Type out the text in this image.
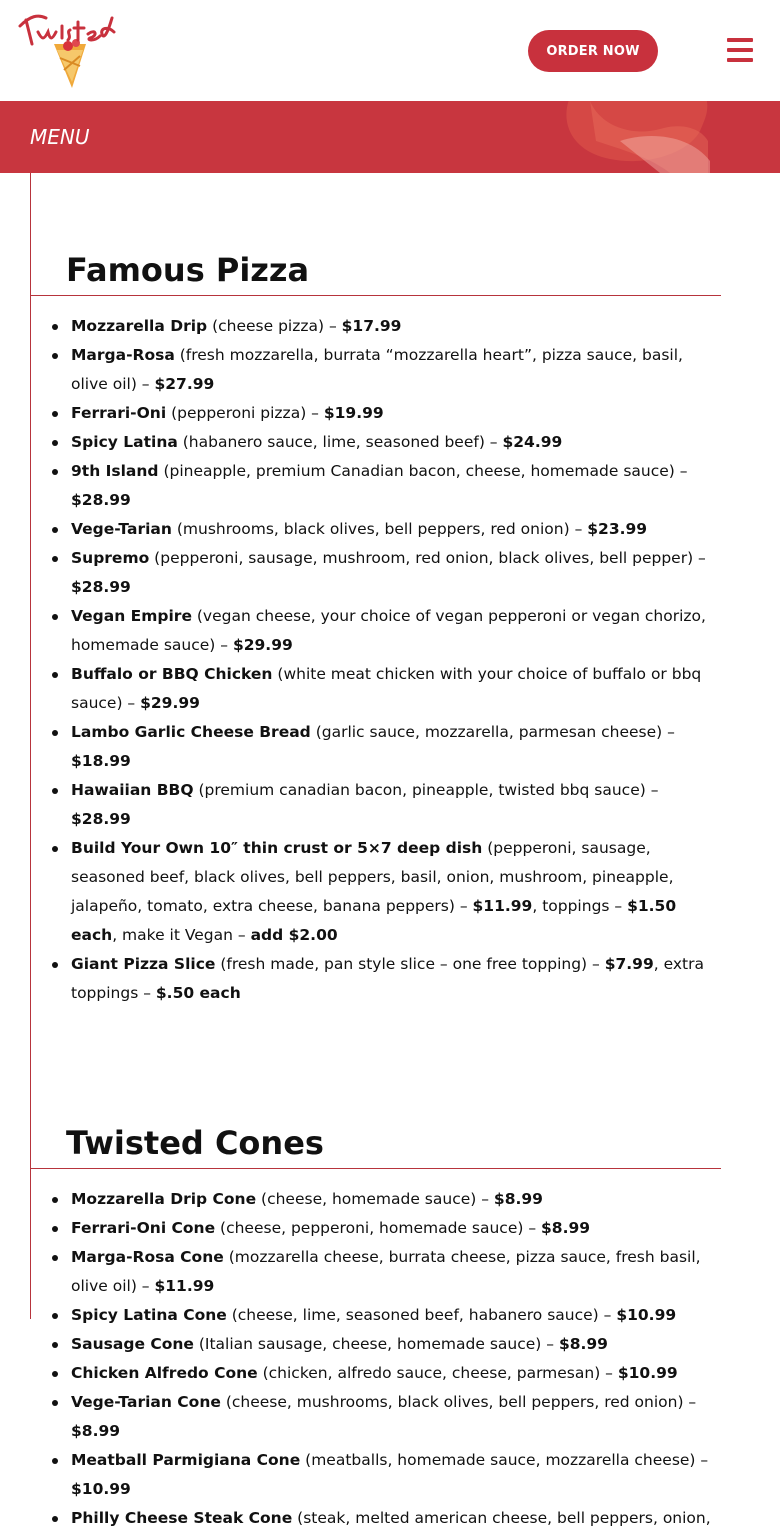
ORDER NOW
MENU
Famous Pizza
Mozzarella Drip (cheese pizza) – $17.99
Marga-Rosa (fresh mozzarella, burrata “mozzarella heart”, pizza sauce, basil, olive oil) – $27.99
Ferrari-Oni (pepperoni pizza) – $19.99
Spicy Latina (habanero sauce, lime, seasoned beef) – $24.99
9th Island (pineapple, premium Canadian bacon, cheese, homemade sauce) – $28.99
Vege-Tarian (mushrooms, black olives, bell peppers, red onion) – $23.99
Supremo (pepperoni, sausage, mushroom, red onion, black olives, bell pepper) – $28.99
Vegan Empire (vegan cheese, your choice of vegan pepperoni or vegan chorizo, homemade sauce) – $29.99
Buffalo or BBQ Chicken (white meat chicken with your choice of buffalo or bbq sauce) – $29.99
Lambo Garlic Cheese Bread (garlic sauce, mozzarella, parmesan cheese) – $18.99
Hawaiian BBQ (premium canadian bacon, pineapple, twisted bbq sauce) – $28.99
Build Your Own 10″ thin crust or 5×7 deep dish (pepperoni, sausage, seasoned beef, black olives, bell peppers, basil, onion, mushroom, pineapple, jalapeño, tomato, extra cheese, banana peppers) – $11.99, toppings – $1.50 each, make it Vegan – add $2.00
Giant Pizza Slice (fresh made, pan style slice – one free topping) – $7.99, extra toppings – $.50 each
Twisted Cones
Mozzarella Drip Cone (cheese, homemade sauce) – $8.99
Ferrari-Oni Cone (cheese, pepperoni, homemade sauce) – $8.99
Marga-Rosa Cone (mozzarella cheese, burrata cheese, pizza sauce, fresh basil, olive oil) – $11.99
Spicy Latina Cone (cheese, lime, seasoned beef, habanero sauce) – $10.99
Sausage Cone (Italian sausage, cheese, homemade sauce) – $8.99
Chicken Alfredo Cone (chicken, alfredo sauce, cheese, parmesan) – $10.99
Vege-Tarian Cone (cheese, mushrooms, black olives, bell peppers, red onion) – $8.99
Meatball Parmigiana Cone (meatballs, homemade sauce, mozzarella cheese) – $10.99
Philly Cheese Steak Cone (steak, melted american cheese, bell peppers, onion,
